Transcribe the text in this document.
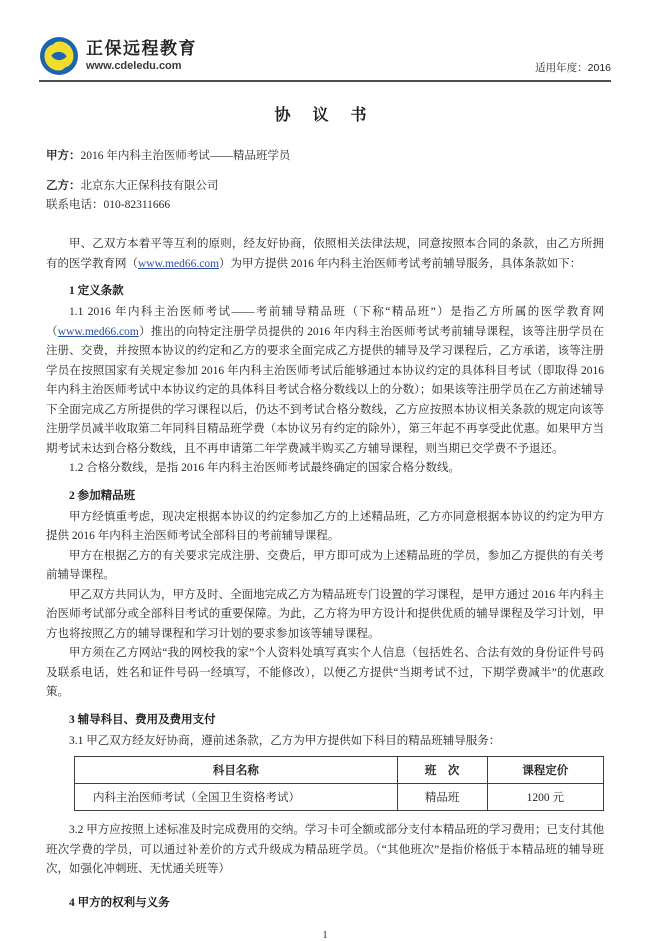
正保远程教育
www.cdeledu.com	适用年度：2016
协 议 书

甲方：2016 年内科主治医师考试——精品班学员

乙方：北京东大正保科技有限公司

联系电话：010-82311666

甲、乙双方本着平等互利的原则，经友好协商，依照相关法律法规，同意按照本合同的条款，由乙方所拥有的医学教育网（www.med66.com）为甲方提供 2016 年内科主治医师考试考前辅导服务，具体条款如下：

1 定义条款

1.1 2016 年内科主治医师考试——考前辅导精品班（下称“精品班”）是指乙方所属的医学教育网（www.med66.com）推出的向特定注册学员提供的 2016 年内科主治医师考试考前辅导课程，该等注册学员在注册、交费，并按照本协议的约定和乙方的要求全面完成乙方提供的辅导及学习课程后，乙方承诺，该等注册学员在按照国家有关规定参加 2016 年内科主治医师考试后能够通过本协议约定的具体科目考试（即取得 2016 年内科主治医师考试中本协议约定的具体科目考试合格分数线以上的分数）；如果该等注册学员在乙方前述辅导下全面完成乙方所提供的学习课程以后，仍达不到考试合格分数线，乙方应按照本协议相关条款的规定向该等注册学员减半收取第二年同科目精品班学费（本协议另有约定的除外），第三年起不再享受此优惠。如果甲方当期考试未达到合格分数线，且不再申请第二年学费减半购买乙方辅导课程，则当期已交学费不予退还。

1.2 合格分数线，是指 2016 年内科主治医师考试最终确定的国家合格分数线。

2 参加精品班

甲方经慎重考虑，现决定根据本协议的约定参加乙方的上述精品班，乙方亦同意根据本协议的约定为甲方提供 2016 年内科主治医师考试全部科目的考前辅导课程。

甲方在根据乙方的有关要求完成注册、交费后，甲方即可成为上述精品班的学员，参加乙方提供的有关考前辅导课程。

甲乙双方共同认为，甲方及时、全面地完成乙方为精品班专门设置的学习课程，是甲方通过 2016 年内科主治医师考试部分或全部科目考试的重要保障。为此，乙方将为甲方设计和提供优质的辅导课程及学习计划，甲方也将按照乙方的辅导课程和学习计划的要求参加该等辅导课程。

甲方须在乙方网站“我的网校我的家”个人资料处填写真实个人信息（包括姓名、合法有效的身份证件号码及联系电话，姓名和证件号码一经填写，不能修改），以便乙方提供“当期考试不过，下期学费减半”的优惠政策。

3 辅导科目、费用及费用支付

3.1 甲乙双方经友好协商，遵前述条款，乙方为甲方提供如下科目的精品班辅导服务：

科目名称	班　次	课程定价
内科主治医师考试（全国卫生资格考试）	精品班	1200 元

3.2 甲方应按照上述标准及时完成费用的交纳。学习卡可全额或部分支付本精品班的学习费用；已支付其他班次学费的学员，可以通过补差价的方式升级成为精品班学员。（“其他班次”是指价格低于本精品班的辅导班次，如强化冲刺班、无忧通关班等）

4 甲方的权利与义务
1
